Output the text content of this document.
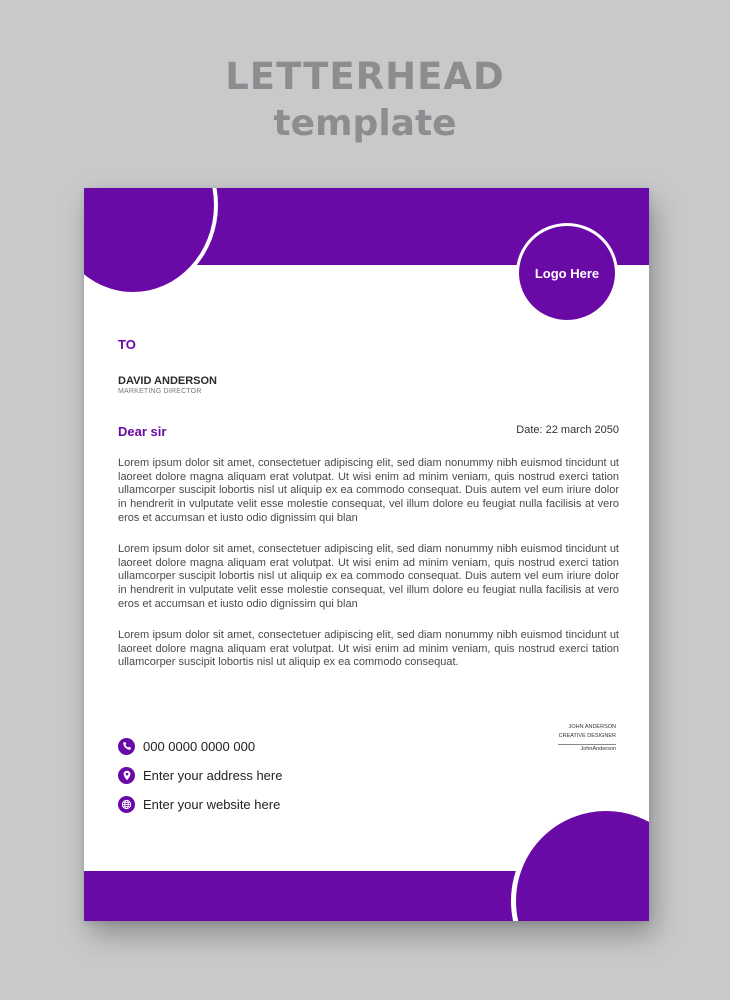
LETTERHEAD
template
Logo Here
TO
DAVID ANDERSON
MARKETING DIRECTOR
Dear sir	Date: 22 march 2050

Lorem ipsum dolor sit amet, consectetuer adipiscing elit, sed diam nonummy nibh euismod tincidunt ut laoreet dolore magna aliquam erat volutpat. Ut wisi enim ad minim veniam, quis nostrud exerci tation ullamcorper suscipit lobortis nisl ut aliquip ex ea commodo consequat. Duis autem vel eum iriure dolor in hendrerit in vulputate velit esse molestie consequat, vel illum dolore eu feugiat nulla facilisis at vero eros et accumsan et iusto odio dignissim qui blan

Lorem ipsum dolor sit amet, consectetuer adipiscing elit, sed diam nonummy nibh euismod tincidunt ut laoreet dolore magna aliquam erat volutpat. Ut wisi enim ad minim veniam, quis nostrud exerci tation ullamcorper suscipit lobortis nisl ut aliquip ex ea commodo consequat. Duis autem vel eum iriure dolor in hendrerit in vulputate velit esse molestie consequat, vel illum dolore eu feugiat nulla facilisis at vero eros et accumsan et iusto odio dignissim qui blan

Lorem ipsum dolor sit amet, consectetuer adipiscing elit, sed diam nonummy nibh euismod tincidunt ut laoreet dolore magna aliquam erat volutpat. Ut wisi enim ad minim veniam, quis nostrud exerci tation ullamcorper suscipit lobortis nisl ut aliquip ex ea commodo consequat.

000 0000 0000 000
Enter your address here
Enter your website here
JOHN ANDERSON
CREATIVE DESIGNER
JohnAnderson
